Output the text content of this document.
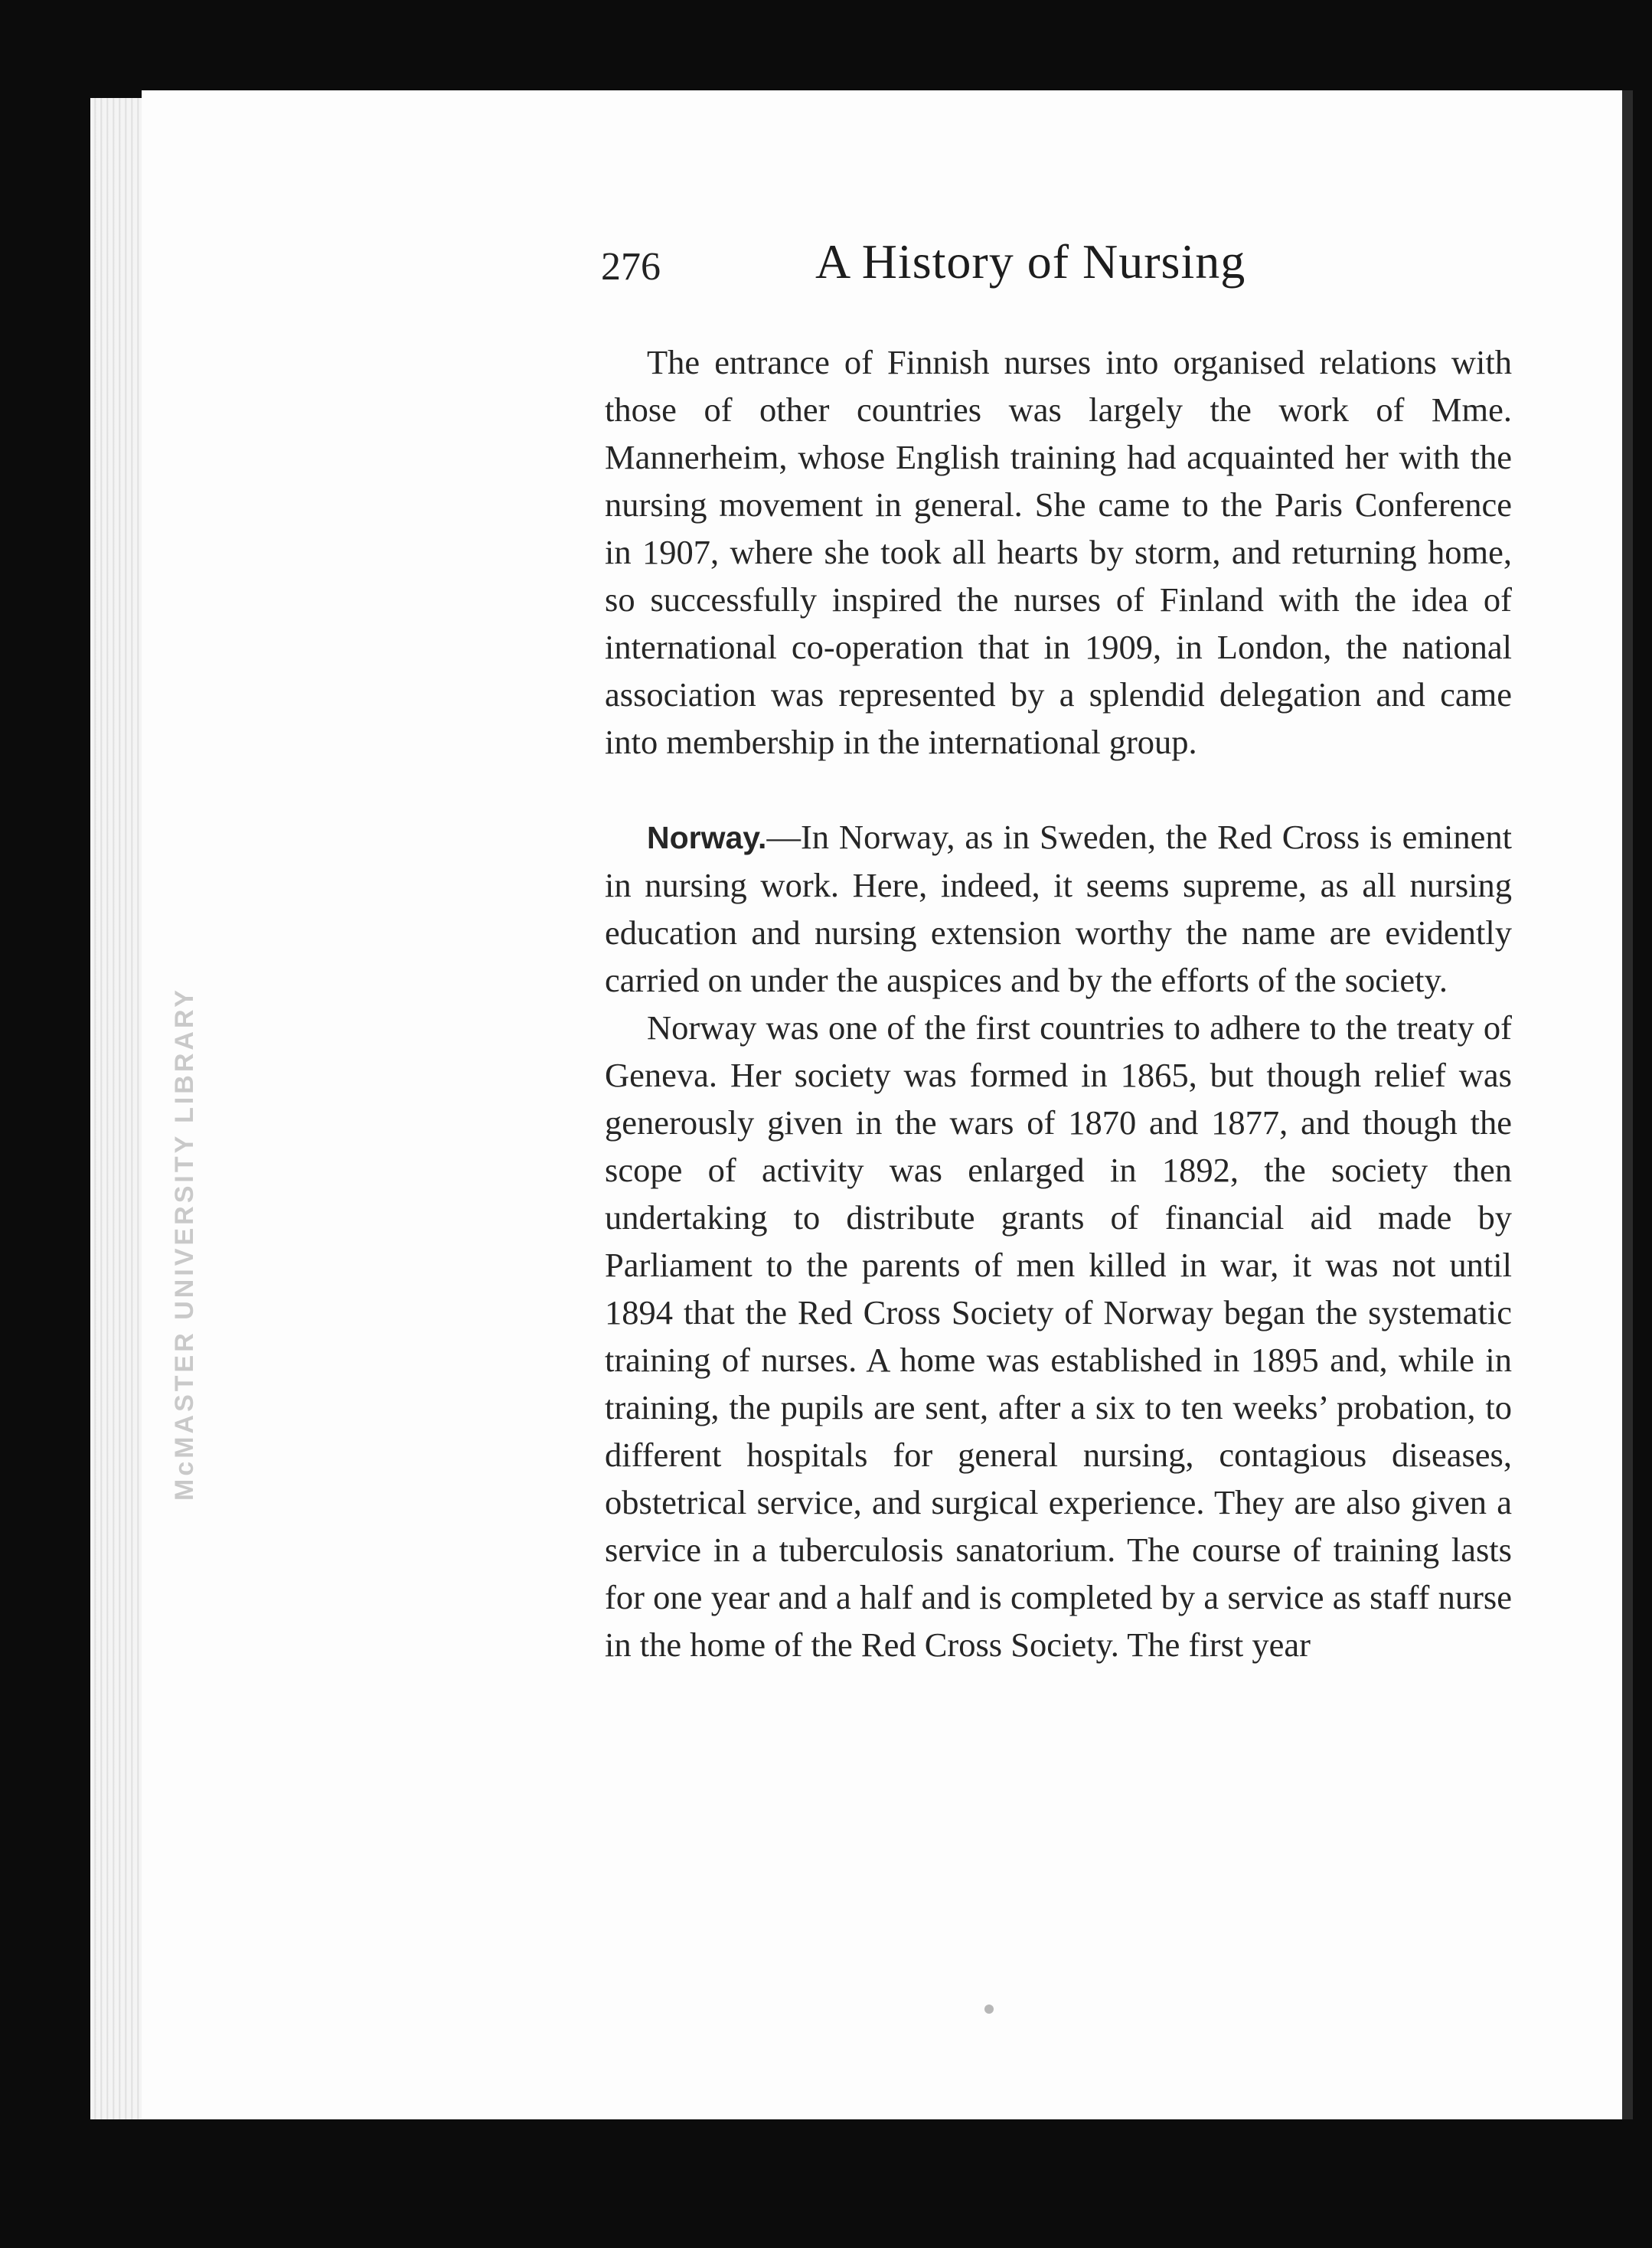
McMASTER UNIVERSITY LIBRARY
276	A History of Nursing

The entrance of Finnish nurses into organised relations with those of other countries was largely the work of Mme. Mannerheim, whose English training had acquainted her with the nursing movement in general. She came to the Paris Conference in 1907, where she took all hearts by storm, and returning home, so successfully inspired the nurses of Finland with the idea of international co-operation that in 1909, in London, the national association was represented by a splendid delegation and came into membership in the international group.

Norway.—In Norway, as in Sweden, the Red Cross is eminent in nursing work. Here, indeed, it seems supreme, as all nursing education and nursing extension worthy the name are evidently carried on under the auspices and by the efforts of the society.

Norway was one of the first countries to adhere to the treaty of Geneva. Her society was formed in 1865, but though relief was generously given in the wars of 1870 and 1877, and though the scope of activity was enlarged in 1892, the society then undertaking to distribute grants of financial aid made by Parliament to the parents of men killed in war, it was not until 1894 that the Red Cross Society of Norway began the systematic training of nurses. A home was established in 1895 and, while in training, the pupils are sent, after a six to ten weeks’ probation, to different hospitals for general nursing, contagious diseases, obstetrical service, and surgical experience. They are also given a service in a tuberculosis sanatorium. The course of training lasts for one year and a half and is completed by a service as staff nurse in the home of the Red Cross Society. The first year
